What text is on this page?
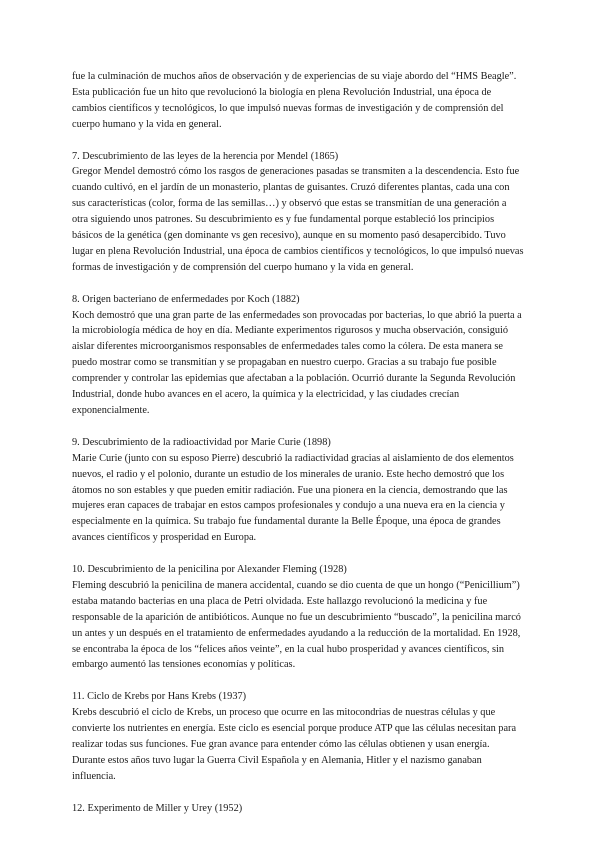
fue la culminación de muchos años de observación y de experiencias de su viaje abordo del “HMS Beagle”. Esta publicación fue un hito que revolucionó la biología en plena Revolución Industrial, una época de cambios científicos y tecnológicos, lo que impulsó nuevas formas de investigación y de comprensión del cuerpo humano y la vida en general.

7. Descubrimiento de las leyes de la herencia por Mendel (1865)

Gregor Mendel demostró cómo los rasgos de generaciones pasadas se transmiten a la descendencia. Esto fue cuando cultivó, en el jardín de un monasterio, plantas de guisantes. Cruzó diferentes plantas, cada una con sus características (color, forma de las semillas…) y observó que estas se transmitían de una generación a otra siguiendo unos patrones. Su descubrimiento es y fue fundamental porque estableció los principios básicos de la genética (gen dominante vs gen recesivo), aunque en su momento pasó desapercibido. Tuvo lugar en plena Revolución Industrial, una época de cambios científicos y tecnológicos, lo que impulsó nuevas formas de investigación y de comprensión del cuerpo humano y la vida en general.

8. Origen bacteriano de enfermedades por Koch (1882)

Koch demostró que una gran parte de las enfermedades son provocadas por bacterias, lo que abrió la puerta a la microbiología médica de hoy en día. Mediante experimentos rigurosos y mucha observación, consiguió aislar diferentes microorganismos responsables de enfermedades tales como la cólera. De esta manera se puedo mostrar como se transmitían y se propagaban en nuestro cuerpo. Gracias a su trabajo fue posible comprender y controlar las epidemias que afectaban a la población. Ocurrió durante la Segunda Revolución Industrial, donde hubo avances en el acero, la química y la electricidad, y las ciudades crecían exponencialmente.

9. Descubrimiento de la radioactividad por Marie Curie (1898)

Marie Curie (junto con su esposo Pierre) descubrió la radiactividad gracias al aislamiento de dos elementos nuevos, el radio y el polonio, durante un estudio de los minerales de uranio. Este hecho demostró que los átomos no son estables y que pueden emitir radiación. Fue una pionera en la ciencia, demostrando que las mujeres eran capaces de trabajar en estos campos profesionales y condujo a una nueva era en la ciencia y especialmente en la química. Su trabajo fue fundamental durante la Belle Époque, una época de grandes avances científicos y prosperidad en Europa.

10. Descubrimiento de la penicilina por Alexander Fleming (1928)

Fleming descubrió la penicilina de manera accidental, cuando se dio cuenta de que un hongo (“Penicillium”) estaba matando bacterias en una placa de Petri olvidada. Este hallazgo revolucionó la medicina y fue responsable de la aparición de antibióticos. Aunque no fue un descubrimiento “buscado”, la penicilina marcó un antes y un después en el tratamiento de enfermedades ayudando a la reducción de la mortalidad. En 1928, se encontraba la época de los “felices años veinte”, en la cual hubo prosperidad y avances científicos, sin embargo aumentó las tensiones economías y políticas.

11. Ciclo de Krebs por Hans Krebs (1937)

Krebs descubrió el ciclo de Krebs, un proceso que ocurre en las mitocondrias de nuestras células y que convierte los nutrientes en energía. Este ciclo es esencial porque produce ATP que las células necesitan para realizar todas sus funciones. Fue gran avance para entender cómo las células obtienen y usan energía. Durante estos años tuvo lugar la Guerra Civil Española y en Alemania, Hitler y el nazismo ganaban influencia.

12. Experimento de Miller y Urey (1952)
